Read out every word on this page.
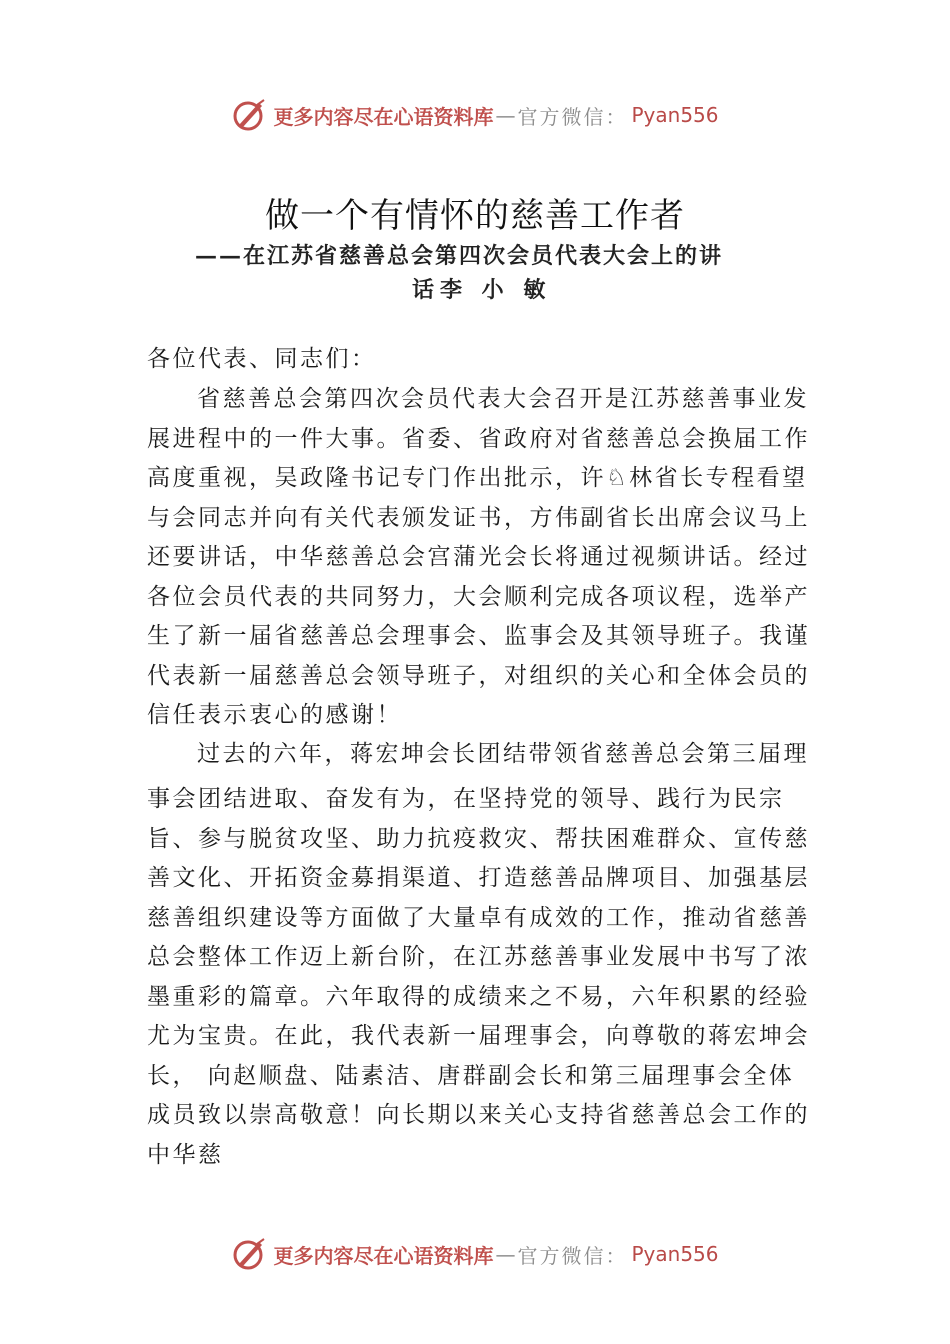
更多内容尽在心语资料库 — 官方微信： Pyan556
做一个有情怀的慈善工作者
——在江苏省慈善总会第四次会员代表大会上的讲
话李 小 敏
各位代表、同志们：
省慈善总会第四次会员代表大会召开是江苏慈善事业发展进程中的一件大事。省委、省政府对省慈善总会换届工作高度重视，吴政隆书记专门作出批示，许♘林省长专程看望与会同志并向有关代表颁发证书，方伟副省长出席会议马上还要讲话，中华慈善总会宫蒲光会长将通过视频讲话。经过各位会员代表的共同努力，大会顺利完成各项议程，选举产生了新一届省慈善总会理事会、监事会及其领导班子。我谨代表新一届慈善总会领导班子，对组织的关心和全体会员的信任表示衷心的感谢！
过去的六年，蒋宏坤会长团结带领省慈善总会第三届理
事会团结进取、奋发有为，在坚持党的领导、践行为民宗旨、参与脱贫攻坚、助力抗疫救灾、帮扶困难群众、宣传慈善文化、开拓资金募捐渠道、打造慈善品牌项目、加强基层慈善组织建设等方面做了大量卓有成效的工作，推动省慈善总会整体工作迈上新台阶，在江苏慈善事业发展中书写了浓墨重彩的篇章。六年取得的成绩来之不易，六年积累的经验尤为宝贵。在此，我代表新一届理事会，向尊敬的蒋宏坤会长， 向赵顺盘、陆素洁、唐群副会长和第三届理事会全体成员致以崇高敬意！向长期以来关心支持省慈善总会工作的中华慈
更多内容尽在心语资料库 — 官方微信： Pyan556
